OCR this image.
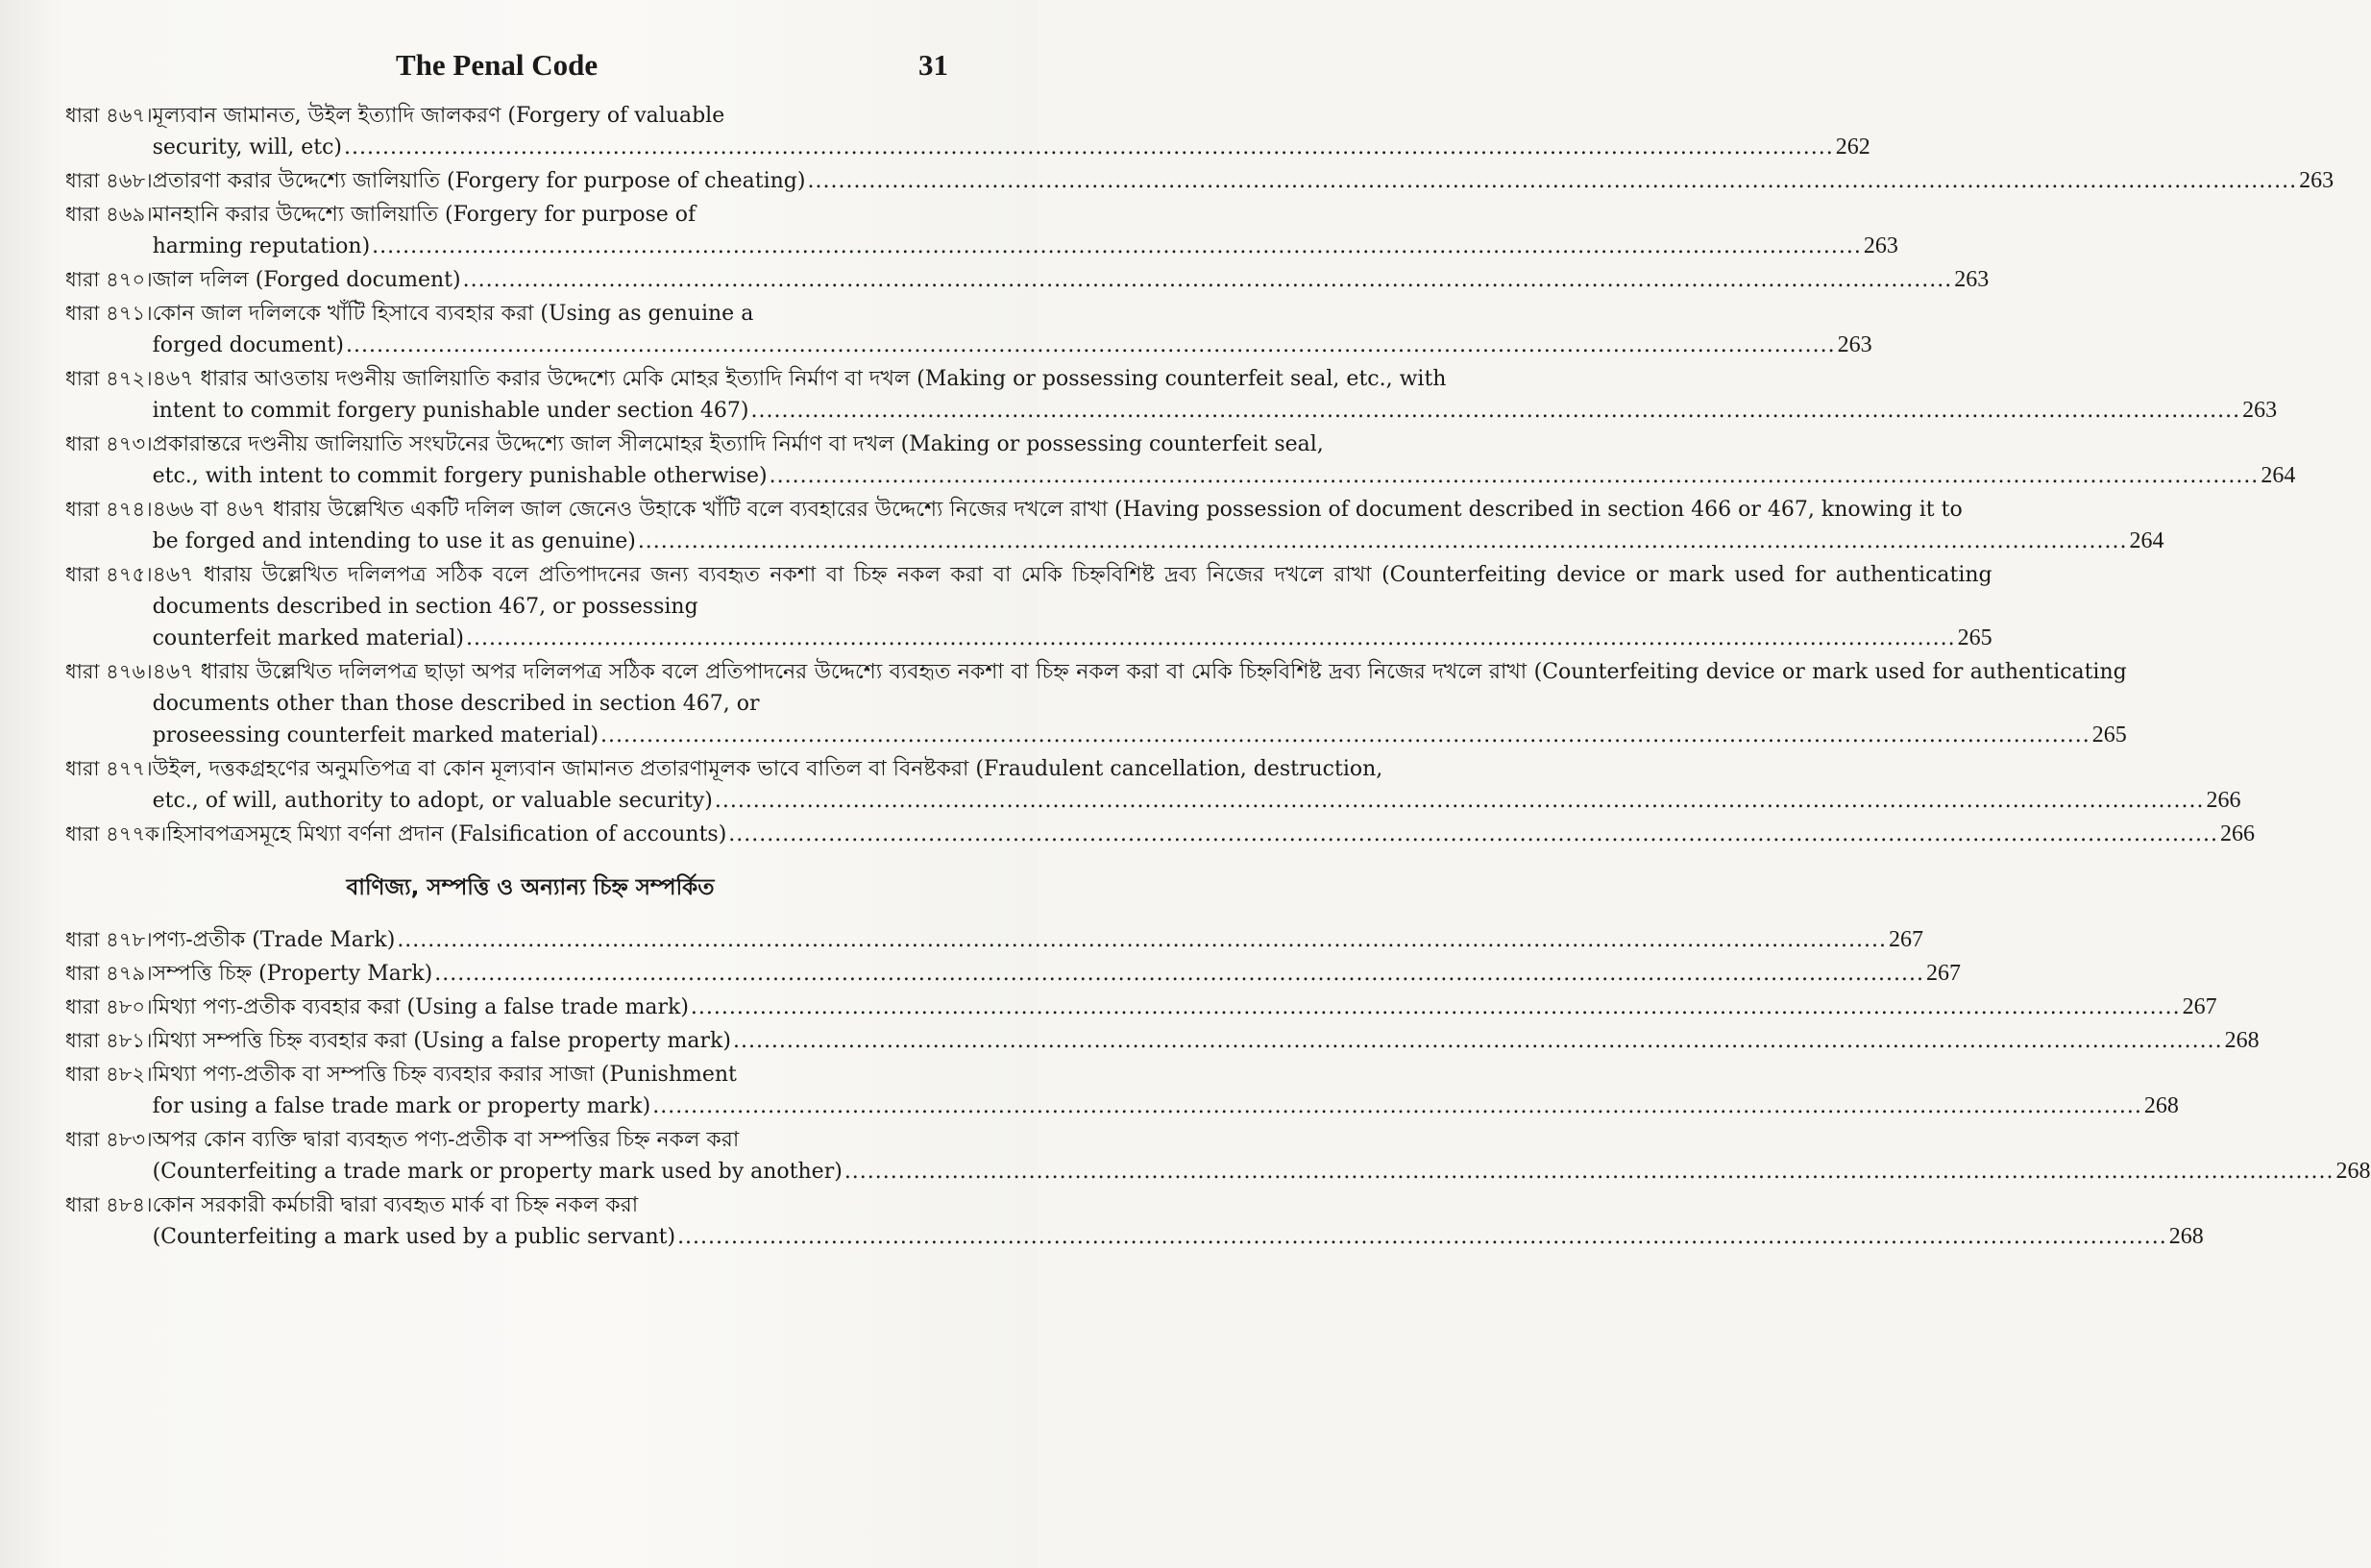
The Penal Code	31
ধারা ৪৬৭। মূল্যবান জামানত, উইল ইত্যাদি জালকরণ (Forgery of valuable
security, will, etc) .....	262
ধারা ৪৬৮। প্রতারণা করার উদ্দেশ্যে জালিয়াতি (Forgery for purpose of cheating) .....	263
ধারা ৪৬৯। মানহানি করার উদ্দেশ্যে জালিয়াতি (Forgery for purpose of
harming reputation) .....	263
ধারা ৪৭০। জাল দলিল (Forged document) .....	263
ধারা ৪৭১। কোন জাল দলিলকে খাঁটি হিসাবে ব্যবহার করা (Using as genuine a
forged document) .....	263
ধারা ৪৭২। ৪৬৭ ধারার আওতায় দণ্ডনীয় জালিয়াতি করার উদ্দেশ্যে মেকি মোহর ইত্যাদি নির্মাণ বা দখল (Making or possessing counterfeit seal, etc., with
intent to commit forgery punishable under section 467) .....	263
ধারা ৪৭৩। প্রকারান্তরে দণ্ডনীয় জালিয়াতি সংঘটনের উদ্দেশ্যে জাল সীলমোহর ইত্যাদি নির্মাণ বা দখল (Making or possessing counterfeit seal,
etc., with intent to commit forgery punishable otherwise) .....	264
ধারা ৪৭৪। ৪৬৬ বা ৪৬৭ ধারায় উল্লেখিত একটি দলিল জাল জেনেও উহাকে খাঁটি বলে ব্যবহারের উদ্দেশ্যে নিজের দখলে রাখা (Having possession of document described in section 466 or 467, knowing it to
be forged and intending to use it as genuine) .....	264
ধারা ৪৭৫। ৪৬৭ ধারায় উল্লেখিত দলিলপত্র সঠিক বলে প্রতিপাদনের জন্য ব্যবহৃত নকশা বা চিহ্ন নকল করা বা মেকি চিহ্নবিশিষ্ট দ্রব্য নিজের দখলে রাখা (Counterfeiting device or mark used for authenticating documents described in section 467, or possessing
counterfeit marked material) .....	265
ধারা ৪৭৬। ৪৬৭ ধারায় উল্লেখিত দলিলপত্র ছাড়া অপর দলিলপত্র সঠিক বলে প্রতিপাদনের উদ্দেশ্যে ব্যবহৃত নকশা বা চিহ্ন নকল করা বা মেকি চিহ্নবিশিষ্ট দ্রব্য নিজের দখলে রাখা (Counterfeiting device or mark used for authenticating documents other than those described in section 467, or
proseessing counterfeit marked material) .....	265
ধারা ৪৭৭। উইল, দত্তকগ্রহণের অনুমতিপত্র বা কোন মূল্যবান জামানত প্রতারণামূলক ভাবে বাতিল বা বিনষ্টকরা (Fraudulent cancellation, destruction,
etc., of will, authority to adopt, or valuable security) .....	266
ধারা ৪৭৭ক। হিসাবপত্রসমূহে মিথ্যা বর্ণনা প্রদান (Falsification of accounts) .....	266
বাণিজ্য, সম্পত্তি ও অন্যান্য চিহ্ন সম্পর্কিত
ধারা ৪৭৮। পণ্য-প্রতীক (Trade Mark) .....	267
ধারা ৪৭৯। সম্পত্তি চিহ্ন (Property Mark) .....	267
ধারা ৪৮০। মিথ্যা পণ্য-প্রতীক ব্যবহার করা (Using a false trade mark) .....	267
ধারা ৪৮১। মিথ্যা সম্পত্তি চিহ্ন ব্যবহার করা (Using a false property mark) .....	268
ধারা ৪৮২। মিথ্যা পণ্য-প্রতীক বা সম্পত্তি চিহ্ন ব্যবহার করার সাজা (Punishment
for using a false trade mark or property mark) .....	268
ধারা ৪৮৩। অপর কোন ব্যক্তি দ্বারা ব্যবহৃত পণ্য-প্রতীক বা সম্পত্তির চিহ্ন নকল করা
(Counterfeiting a trade mark or property mark used by another) .....	268
ধারা ৪৮৪। কোন সরকারী কর্মচারী দ্বারা ব্যবহৃত মার্ক বা চিহ্ন নকল করা
(Counterfeiting a mark used by a public servant) .....	268
